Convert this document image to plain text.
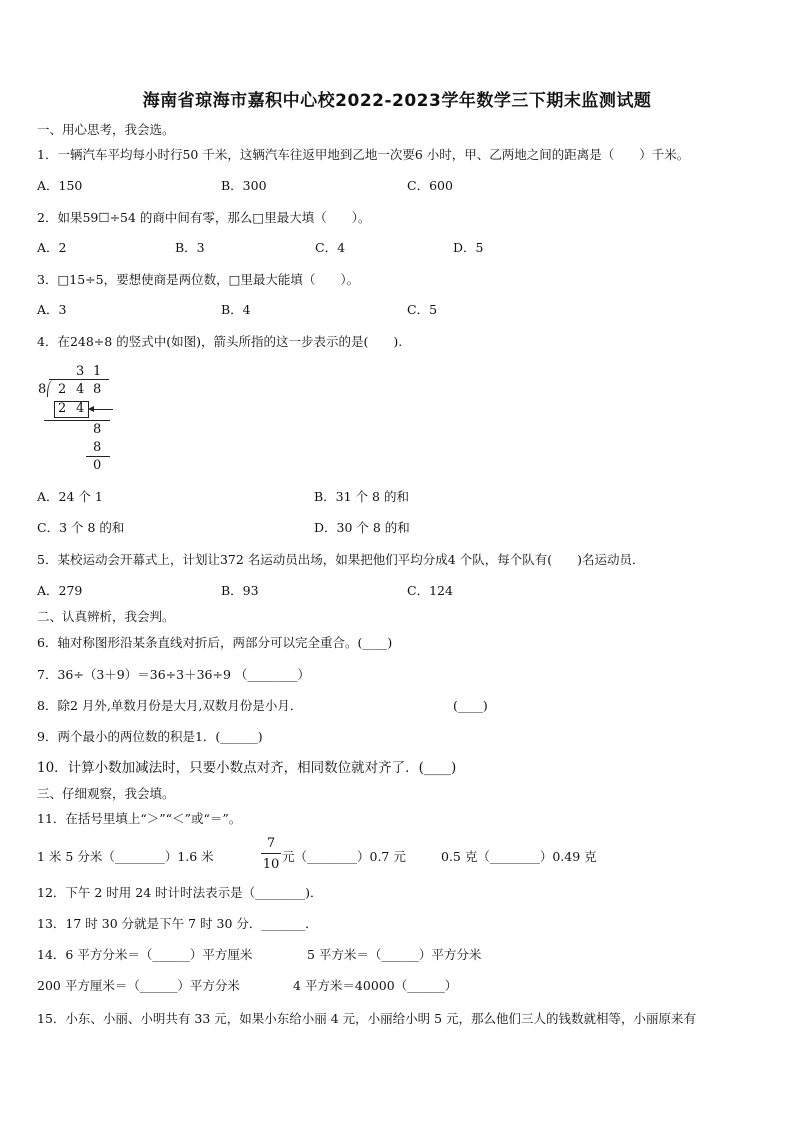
海南省琼海市嘉积中心校2022-2023学年数学三下期末监测试题
一、用心思考，我会选。
1．一辆汽车平均每小时行50 千米，这辆汽车往返甲地到乙地一次要6 小时，甲、乙两地之间的距离是（　　）千米。
A．150	B．300	C．600
2．如果59☐÷54 的商中间有零，那么□里最大填（　　）。
A．2	B．3	C．4	D．5
3．□15÷5，要想使商是两位数，□里最大能填（　　）。
A．3	B．4	C．5
4．在248÷8 的竖式中(如图)，箭头所指的这一步表示的是(　　).
3 1
8 2 4 8
2 4
8
8
0
A．24 个 1	B．31 个 8 的和
C．3 个 8 的和	D．30 个 8 的和
5．某校运动会开幕式上，计划让372 名运动员出场，如果把他们平均分成4 个队，每个队有(　　)名运动员．
A．279	B．93	C．124
二、认真辨析，我会判。
6．轴对称图形沿某条直线对折后，两部分可以完全重合。(____)
7．36÷（3＋9）＝36÷3＋36÷9 （________）
8．除2 月外,单数月份是大月,双数月份是小月．	(____)
9．两个最小的两位数的积是1．(______)
10．计算小数加减法时，只要小数点对齐，相同数位就对齐了．(____)
三、仔细观察，我会填。
11．在括号里填上“＞”“＜”或“＝”。
1 米 5 分米（________）1.6 米
7
10
元（________）0.7 元	0.5 克（________）0.49 克
12．下午 2 时用 24 时计时法表示是（________)．
13．17 时 30 分就是下午 7 时 30 分．_______．
14．6 平方分米＝（______）平方厘米	5 平方米＝（______）平方分米
200 平方厘米＝（______）平方分米	4 平方米＝40000（______）
15．小东、小丽、小明共有 33 元，如果小东给小丽 4 元，小丽给小明 5 元，那么他们三人的钱数就相等，小丽原来有
